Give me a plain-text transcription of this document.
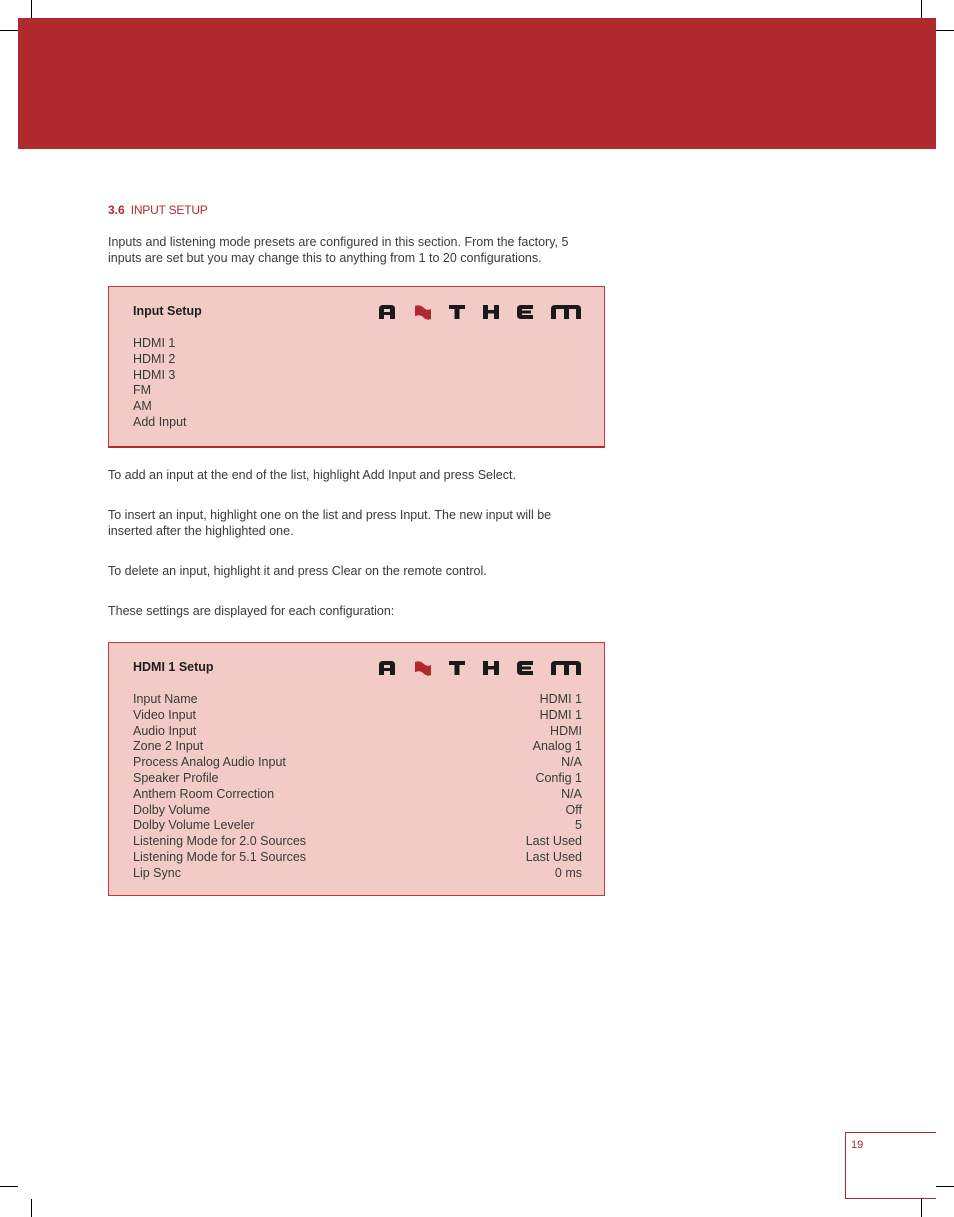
3.6 INPUT SETUP
Inputs and listening mode presets are configured in this section. From the factory, 5 inputs are set but you may change this to anything from 1 to 20 configurations.
Input Setup
HDMI 1
HDMI 2
HDMI 3
FM
AM
Add Input
To add an input at the end of the list, highlight Add Input and press Select.
To insert an input, highlight one on the list and press Input. The new input will be inserted after the highlighted one.
To delete an input, highlight it and press Clear on the remote control.
These settings are displayed for each configuration:
HDMI 1 Setup
Input Name	HDMI 1
Video Input	HDMI 1
Audio Input	HDMI
Zone 2 Input	Analog 1
Process Analog Audio Input	N/A
Speaker Profile	Config 1
Anthem Room Correction	N/A
Dolby Volume	Off
Dolby Volume Leveler	5
Listening Mode for 2.0 Sources	Last Used
Listening Mode for 5.1 Sources	Last Used
Lip Sync	0 ms
19
